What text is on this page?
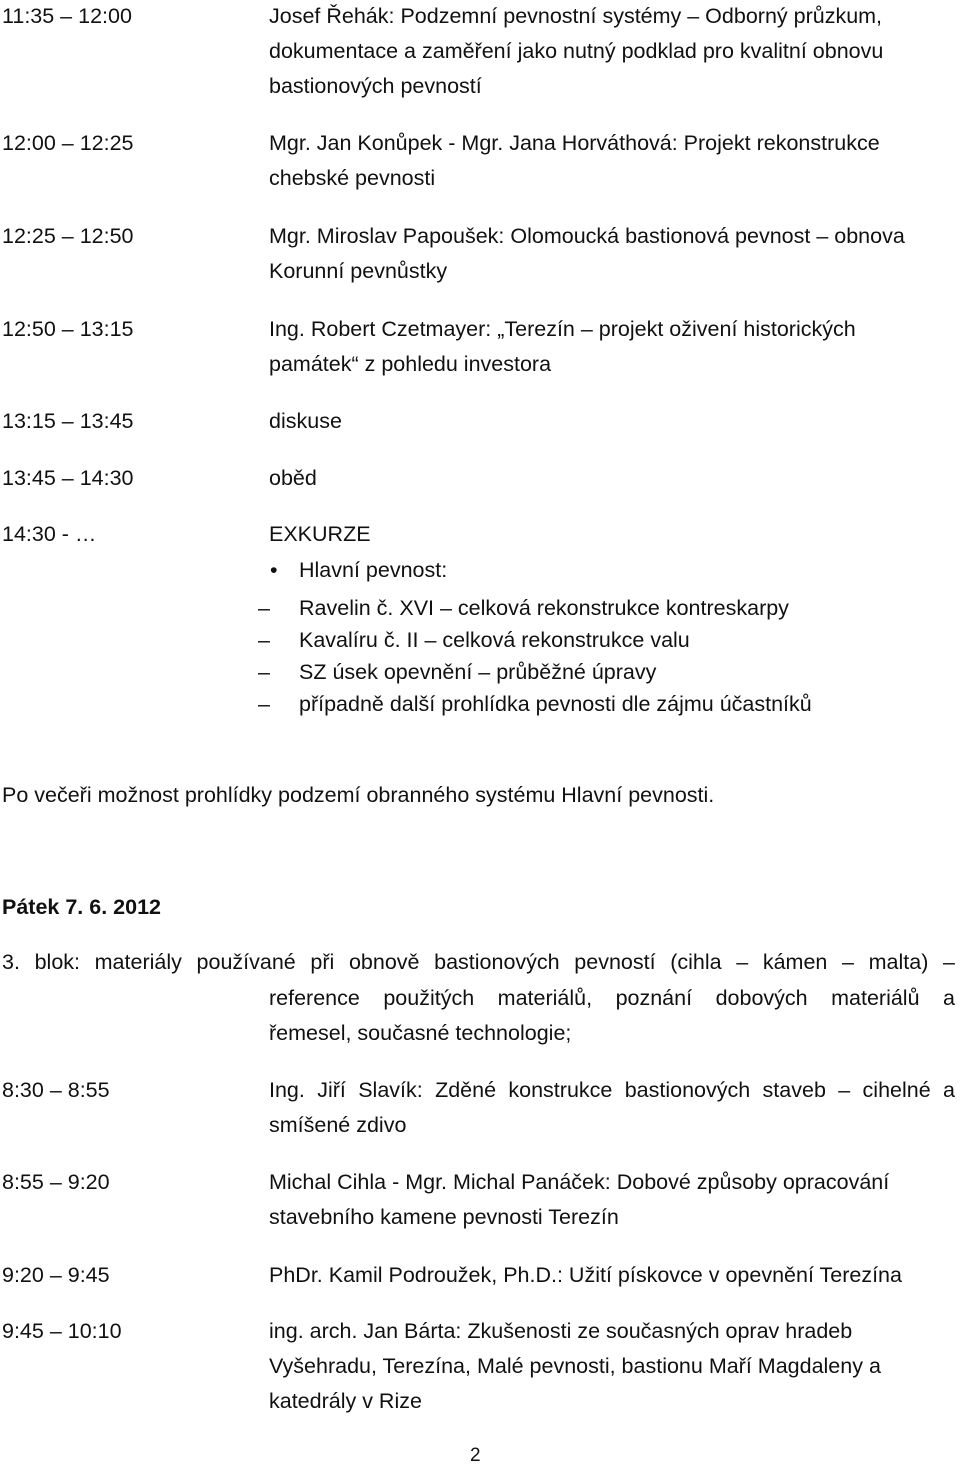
11:35 – 12:00	Josef Řehák: Podzemní pevnostní systémy – Odborný průzkum,
dokumentace a zaměření jako nutný podklad pro kvalitní obnovu
bastionových pevností
12:00 – 12:25	Mgr. Jan Konůpek - Mgr. Jana Horváthová: Projekt rekonstrukce
chebské pevnosti
12:25 – 12:50	Mgr. Miroslav Papoušek: Olomoucká bastionová pevnost – obnova
Korunní pevnůstky
12:50 – 13:15	Ing. Robert Czetmayer: „Terezín – projekt oživení historických
památek“ z pohledu investora
13:15 – 13:45	diskuse
13:45 – 14:30	oběd
14:30 - …	EXKURZE
• Hlavní pevnost:
– Ravelin č. XVI – celková rekonstrukce kontreskarpy
– Kavalíru č. II – celková rekonstrukce valu
– SZ úsek opevnění – průběžné úpravy
– případně další prohlídka pevnosti dle zájmu účastníků
Po večeři možnost prohlídky podzemí obranného systému Hlavní pevnosti.
Pátek 7. 6. 2012
3. blok: materiály používané při obnově bastionových pevností (cihla – kámen – malta) –
reference použitých materiálů, poznání dobových materiálů a
řemesel, současné technologie;
8:30 – 8:55	Ing. Jiří Slavík: Zděné konstrukce bastionových staveb – cihelné a
smíšené zdivo
8:55 – 9:20	Michal Cihla - Mgr. Michal Panáček: Dobové způsoby opracování
stavebního kamene pevnosti Terezín
9:20 – 9:45	PhDr. Kamil Podroužek, Ph.D.: Užití pískovce v opevnění Terezína
9:45 – 10:10	ing. arch. Jan Bárta: Zkušenosti ze současných oprav hradeb
Vyšehradu, Terezína, Malé pevnosti, bastionu Maří Magdaleny a
katedrály v Rize
2
